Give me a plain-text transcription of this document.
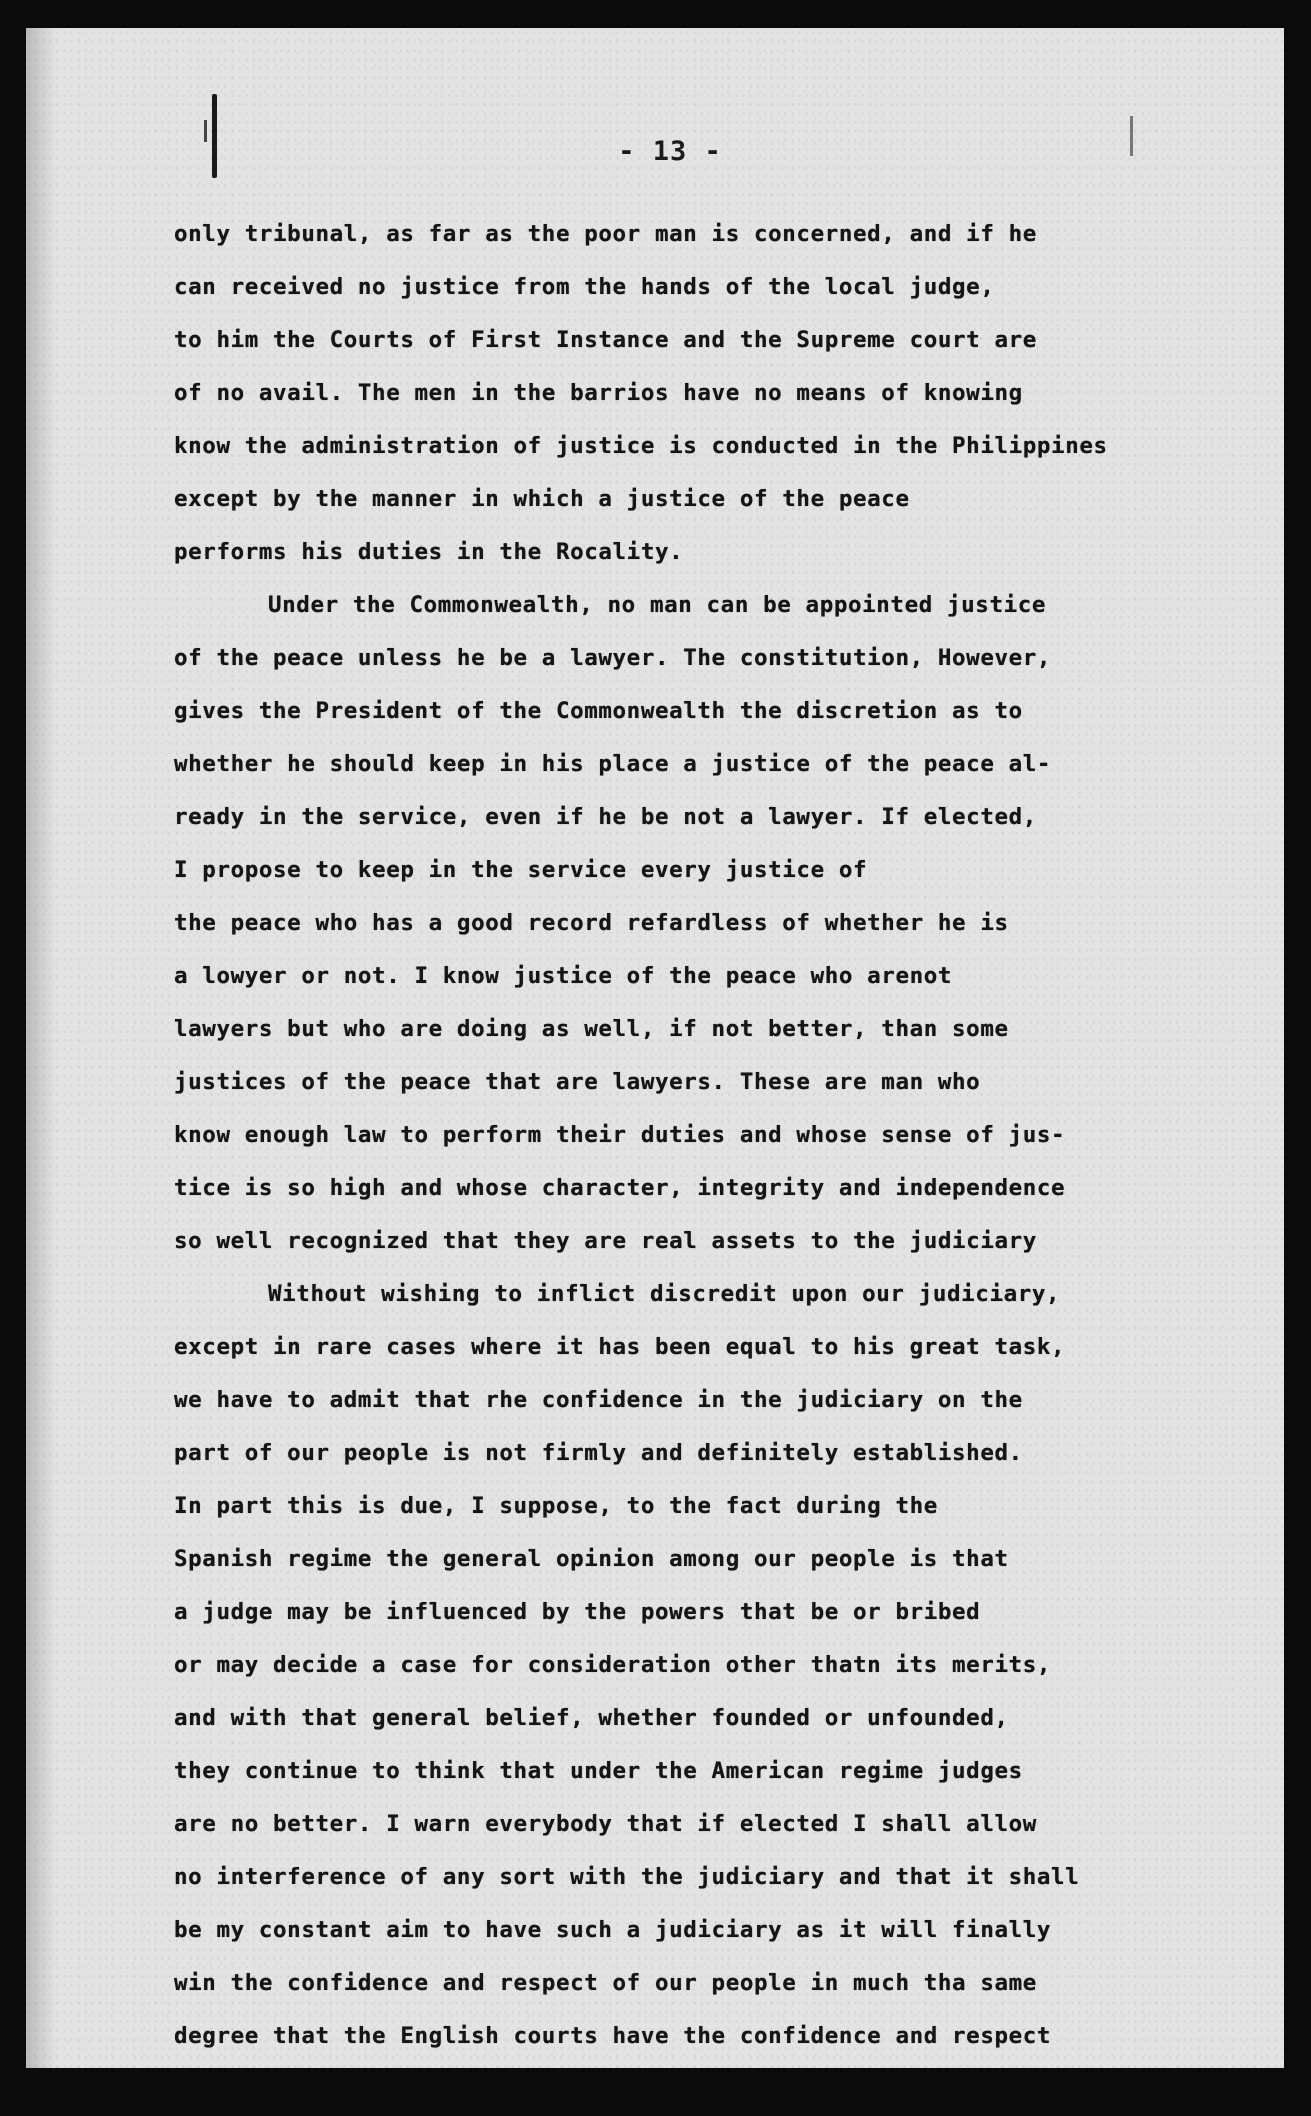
- 13 -
only tribunal, as far as the poor man is concerned, and if he
can received no justice from the hands of the local judge,
to him the Courts of First Instance and the Supreme court are
of no avail. The men in the barrios have no means of knowing
know the administration of justice is conducted in the Philippines
except by the manner in which a justice of the peace
performs his duties in the Rocality.
Under the Commonwealth, no man can be appointed justice
of the peace unless he be a lawyer. The constitution, However,
gives the President of the Commonwealth the discretion as to
whether he should keep in his place a justice of the peace al-
ready in the service, even if he be not a lawyer. If elected,
I propose to keep in the service every justice of
the peace who has a good record refardless of whether he is
a lowyer or not. I know justice of the peace who arenot
lawyers but who are doing as well, if not better, than some
justices of the peace that are lawyers. These are man who
know enough law to perform their duties and whose sense of jus-
tice is so high and whose character, integrity and independence
so well recognized that they are real assets to the judiciary
Without wishing to inflict discredit upon our judiciary,
except in rare cases where it has been equal to his great task,
we have to admit that rhe confidence in the judiciary on the
part of our people is not firmly and definitely established.
In part this is due, I suppose, to the fact during the
Spanish regime the general opinion among our people is that
a judge may be influenced by the powers that be or bribed
or may decide a case for consideration other thatn its merits,
and with that general belief, whether founded or unfounded,
they continue to think that under the American regime judges
are no better. I warn everybody that if elected I shall allow
no interference of any sort with the judiciary and that it shall
be my constant aim to have such a judiciary as it will finally
win the confidence and respect of our people in much tha same
degree that the English courts have the confidence and respect
